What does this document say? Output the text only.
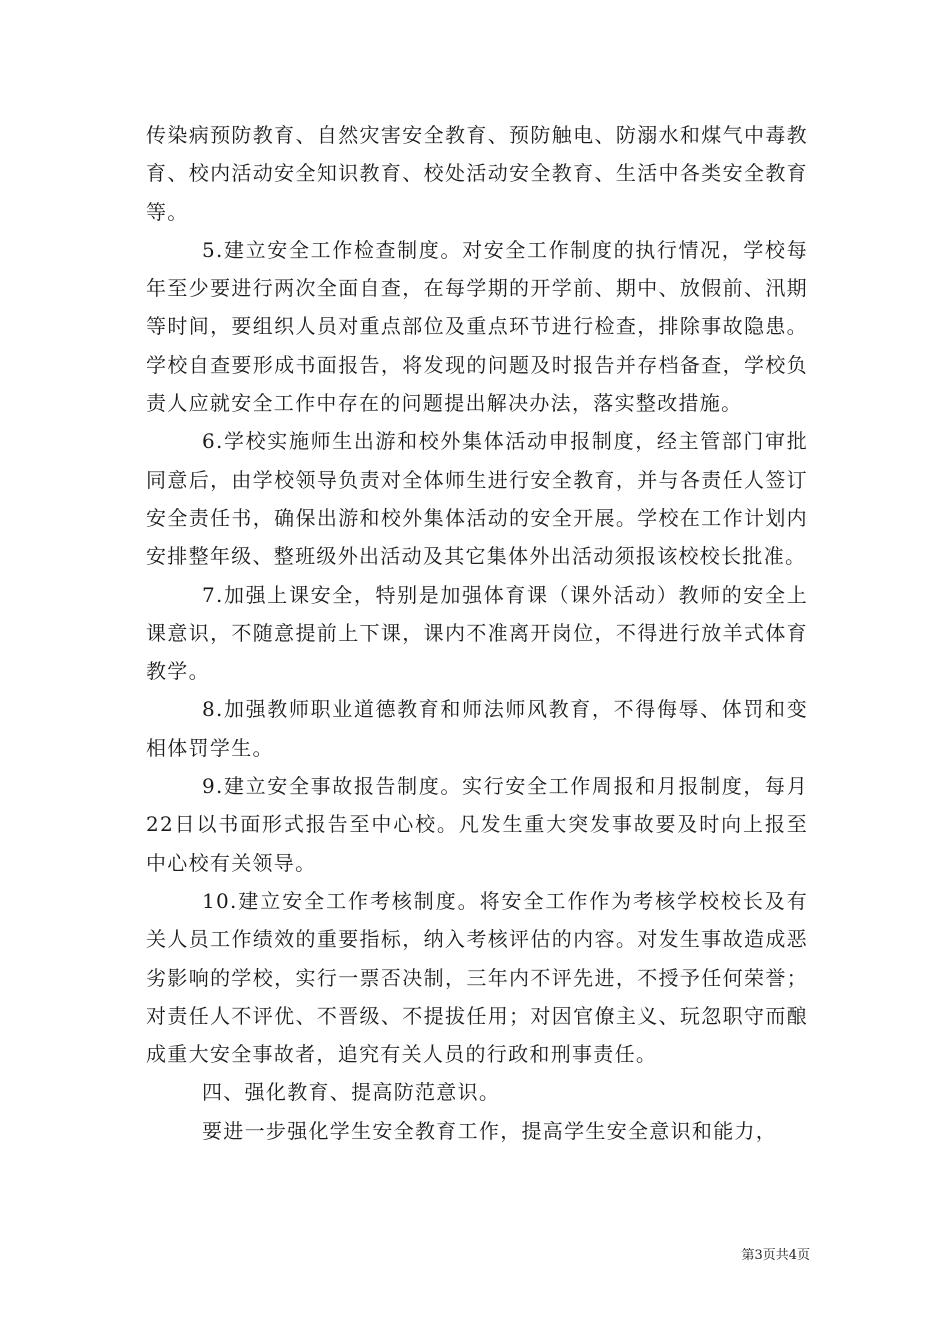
传染病预防教育、自然灾害安全教育、预防触电、防溺水和煤气中毒教育、校内活动安全知识教育、校处活动安全教育、生活中各类安全教育等。

5.建立安全工作检查制度。对安全工作制度的执行情况，学校每年至少要进行两次全面自查，在每学期的开学前、期中、放假前、汛期等时间，要组织人员对重点部位及重点环节进行检查，排除事故隐患。学校自查要形成书面报告，将发现的问题及时报告并存档备查，学校负责人应就安全工作中存在的问题提出解决办法，落实整改措施。

6.学校实施师生出游和校外集体活动申报制度，经主管部门审批同意后，由学校领导负责对全体师生进行安全教育，并与各责任人签订安全责任书，确保出游和校外集体活动的安全开展。学校在工作计划内安排整年级、整班级外出活动及其它集体外出活动须报该校校长批准。

7.加强上课安全，特别是加强体育课（课外活动）教师的安全上课意识，不随意提前上下课，课内不准离开岗位，不得进行放羊式体育教学。

8.加强教师职业道德教育和师法师风教育，不得侮辱、体罚和变相体罚学生。

9.建立安全事故报告制度。实行安全工作周报和月报制度，每月22日以书面形式报告至中心校。凡发生重大突发事故要及时向上报至中心校有关领导。

10.建立安全工作考核制度。将安全工作作为考核学校校长及有关人员工作绩效的重要指标，纳入考核评估的内容。对发生事故造成恶劣影响的学校，实行一票否决制，三年内不评先进，不授予任何荣誉；对责任人不评优、不晋级、不提拔任用；对因官僚主义、玩忽职守而酿成重大安全事故者，追究有关人员的行政和刑事责任。

四、强化教育、提高防范意识。

要进一步强化学生安全教育工作，提高学生安全意识和能力，

第3页共4页
